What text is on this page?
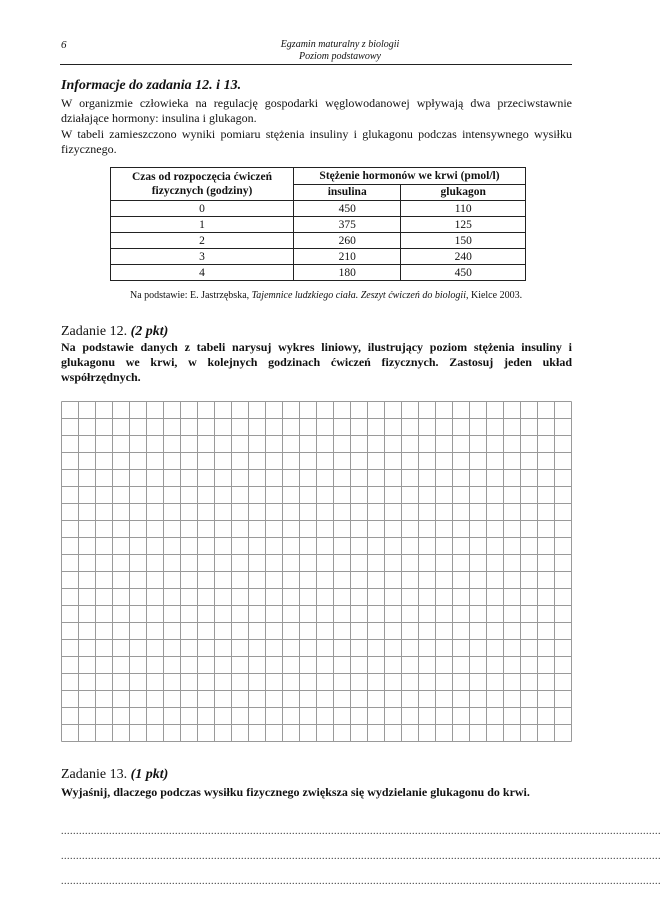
6	Egzamin maturalny z biologii
Poziom podstawowy
Informacje do zadania 12. i 13.
W organizmie człowieka na regulację gospodarki węglowodanowej wpływają dwa przeciwstawnie działające hormony: insulina i glukagon.
W tabeli zamieszczono wyniki pomiaru stężenia insuliny i glukagonu podczas intensywnego wysiłku fizycznego.
Czas od rozpoczęcia ćwiczeń fizycznych (godziny)	Stężenie hormonów we krwi (pmol/l)	
	insulina	glukagon
0	450	110
1	375	125
2	260	150
3	210	240
4	180	450
Na podstawie: E. Jastrzębska, Tajemnice ludzkiego ciała. Zeszyt ćwiczeń do biologii, Kielce 2003.
Zadanie 12. (2 pkt)
Na podstawie danych z tabeli narysuj wykres liniowy, ilustrujący poziom stężenia insuliny i glukagonu we krwi, w kolejnych godzinach ćwiczeń fizycznych. Zastosuj jeden układ współrzędnych.
Zadanie 13. (1 pkt)
Wyjaśnij, dlaczego podczas wysiłku fizycznego zwiększa się wydzielanie glukagonu do krwi.
........................................................................................................................................................................................................
........................................................................................................................................................................................................
........................................................................................................................................................................................................
